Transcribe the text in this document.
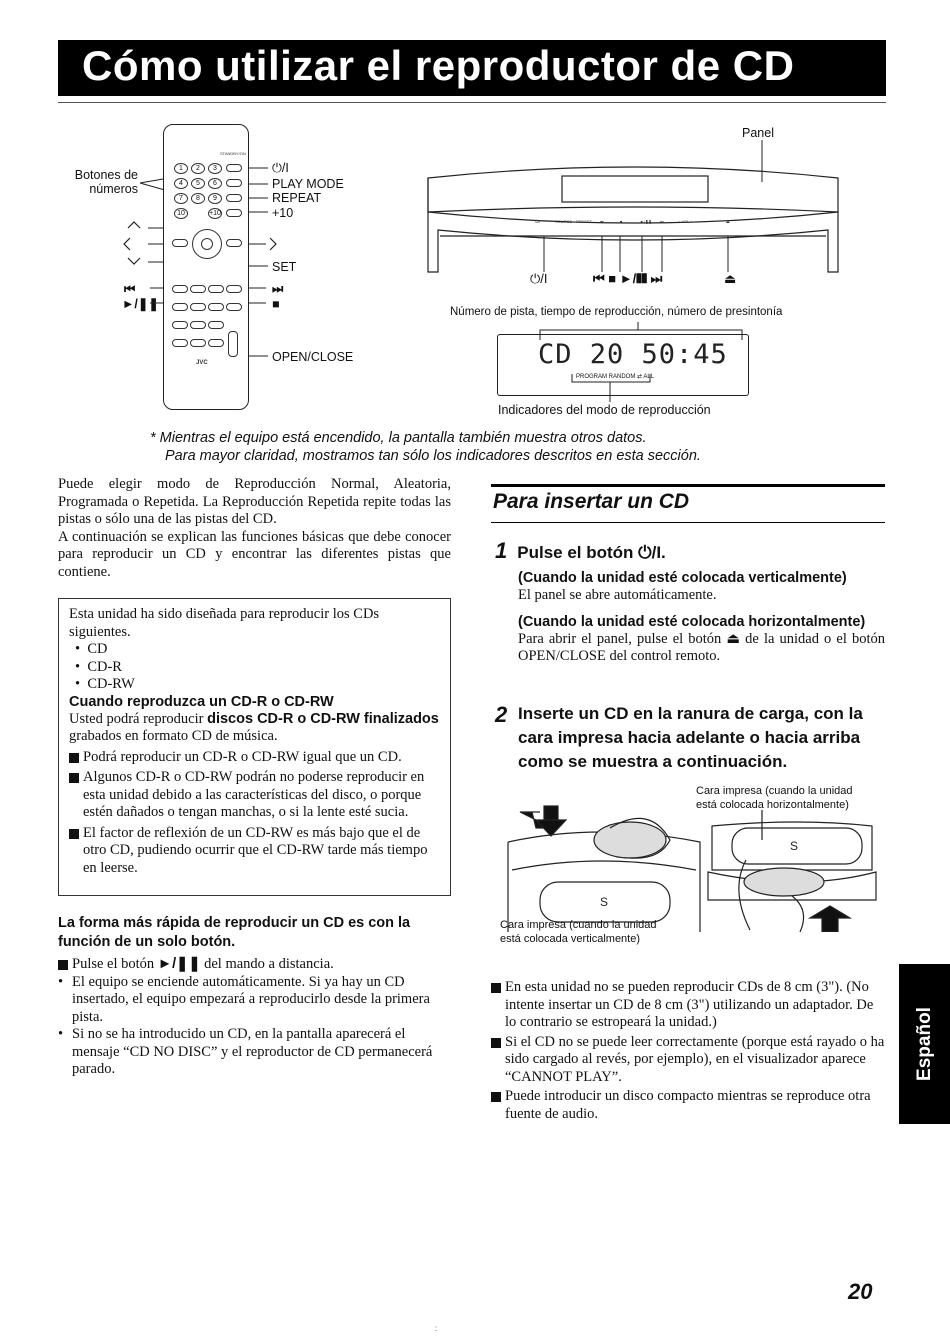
Cómo utilizar el reproductor de CD
Panel
Botones de
números
⏻/I
PLAY MODE
REPEAT
+10
SET
OPEN/CLOSE
⏮
►/❚❚
⏭
■
STANDBY/ON
1	2	3
4	5	6
7	8	9
10	+10
JVC
⏻/I	SOURCE PRESET ⏮	■	►/❚❚ ⏭	− VOL +	⏏
⏻/I	⏮ ■ ►/❚❚ ⏭	⏏
Número de pista, tiempo de reproducción, número de presintonía
CD 20 50:45
PROGRAM RANDOM ⇄ ALL
Indicadores del modo de reproducción
* Mientras el equipo está encendido, la pantalla también muestra otros datos.
Para mayor claridad, mostramos tan sólo los indicadores descritos en esta sección.
Puede elegir modo de Reproducción Normal, Aleatoria, Programada o Repetida. La Reproducción Repetida repite todas las pistas o sólo una de las pistas del CD.
A continuación se explican las funciones básicas que debe conocer para reproducir un CD y encontrar las diferentes pistas que contiene.
Esta unidad ha sido diseñada para reproducir los CDs siguientes.
•  CD
•  CD-R
•  CD-RW
Cuando reproduzca un CD-R o CD-RW
Usted podrá reproducir discos CD-R o CD-RW finalizados grabados en formato CD de música.
Podrá reproducir un CD-R o CD-RW igual que un CD.
Algunos CD-R o CD-RW podrán no poderse reproducir en esta unidad debido a las características del disco, o porque estén dañados o tengan manchas, o si la lente esté sucia.
El factor de reflexión de un CD-RW es más bajo que el de otro CD, pudiendo ocurrir que el CD-RW tarde más tiempo en leerse.
La forma más rápida de reproducir un CD es con la función de un solo botón.
Pulse el botón ►/❚❚ del mando a distancia.
• El equipo se enciende automáticamente. Si ya hay un CD insertado, el equipo empezará a reproducirlo desde la primera pista.
• Si no se ha introducido un CD, en la pantalla aparecerá el mensaje “CD NO DISC” y el reproductor de CD permanecerá parado.
Para insertar un CD
1 Pulse el botón ⏻/I.
(Cuando la unidad esté colocada verticalmente)
El panel se abre automáticamente.
(Cuando la unidad esté colocada horizontalmente)
Para abrir el panel, pulse el botón ⏏ de la unidad o el botón OPEN/CLOSE del control remoto.
2 Inserte un CD en la ranura de carga, con la cara impresa hacia adelante o hacia arriba como se muestra a continuación.
Cara impresa (cuando la unidad
está colocada horizontalmente)
S
S
Cara impresa (cuando la unidad
está colocada verticalmente)
En esta unidad no se pueden reproducir CDs de 8 cm (3"). (No intente insertar un CD de 8 cm (3") utilizando un adaptador. De lo contrario se estropeará la unidad.)
Si el CD no se puede leer correctamente (porque está rayado o ha sido cargado al revés, por ejemplo), en el visualizador aparece “CANNOT PLAY”.
Puede introducir un disco compacto mientras se reproduce otra fuente de audio.
Español
20
:
